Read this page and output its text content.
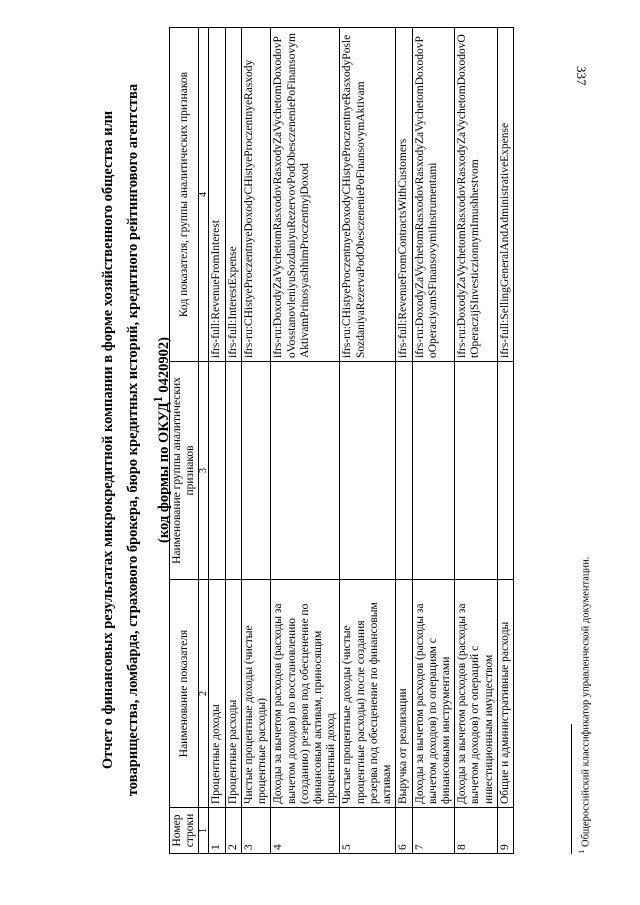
337
Отчет о финансовых результатах микрокредитной компании в форме хозяйственного общества или товарищества, ломбарда, страхового брокера, бюро кредитных историй, кредитного рейтингового агентства	(код формы по ОКУД$^1$ 0420902)
Номер строки	Наименование показателя	Наименование группы аналитических признаков	Код показателя, группы аналитических признаков
1	2	3	4
1	Процентные доходы		ifrs-full:RevenueFromInterest
2	Процентные расходы		ifrs-full:InterestExpense
3	Чистые процентные доходы (чистые процентные расходы)		ifrs-ru:CHistyeProczentnyeDoxodyCHistyeProczentnyeRasxody
4	Доходы за вычетом расходов (расходы за вычетом доходов) по восстановлению (созданию) резервов под обесценение по финансовым активам, приносящим процентный доход		ifrs-ru:DoxodyZaVychetomRasxodovRasxodyZaVychetomDoxodovPoVosstanovleniyuSozdaniyuRezervovPodObesczeneniePoFinansovymAktivamPrinosyashhimProczentnyjDoxod
5	Чистые процентные доходы (чистые процентные расходы) после создания резерва под обесценение по финансовым активам		ifrs-ru:CHistyeProczentnyeDoxodyCHistyeProczentnyeRasxodyPosleSozdaniyaRezervaPodObesczeneniePoFinansovymAktivam
6	Выручка от реализации		ifrs-full:RevenueFromContractsWithCustomers
7	Доходы за вычетом расходов (расходы за вычетом доходов) по операциям с финансовыми инструментами		ifrs-ru:DoxodyZaVychetomRasxodovRasxodyZaVychetomDoxodovPoOperaciyamSFinansovymiInstrumentami
8	Доходы за вычетом расходов (расходы за вычетом доходов) от операций с инвестиционным имуществом		ifrs-ru:DoxodyZaVychetomRasxodovRasxodyZaVychetomDoxodovOtOperaczijSInvesticzionnymImushhestvom
9	Общие и административные расходы		ifrs-full:SellingGeneralAndAdministrativeExpense
$^1$ Общероссийский классификатор управленческой документации.
